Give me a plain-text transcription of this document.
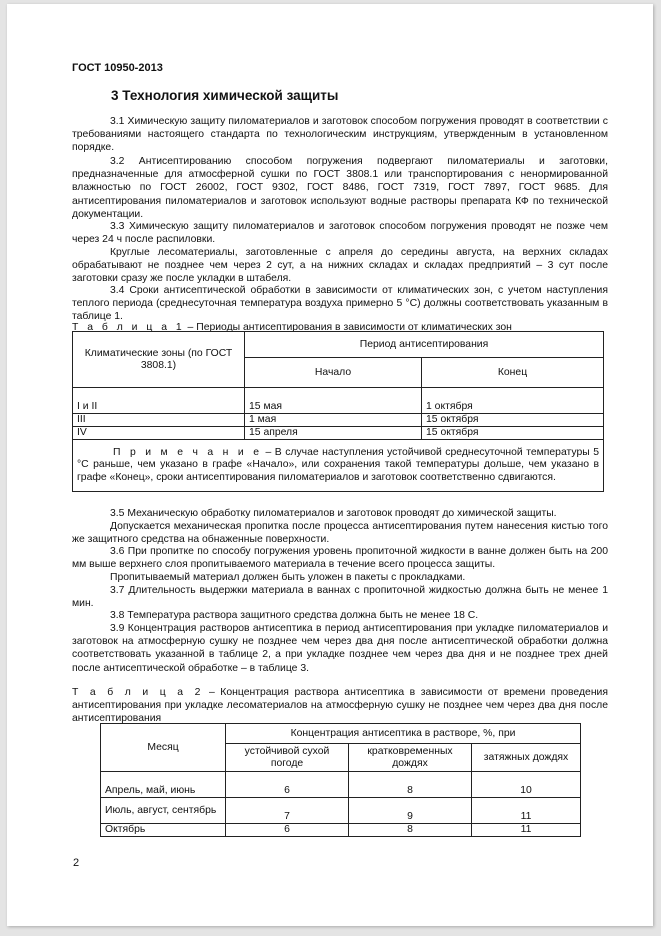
ГОСТ 10950-2013
3 Технология химической защиты
3.1 Химическую защиту пиломатериалов и заготовок способом погружения проводят в соответствии с требованиями настоящего стандарта по технологическим инструкциям, утвержденным в установленном порядке.
3.2 Антисептированию способом погружения подвергают пиломатериалы и заготовки, предназначенные для атмосферной сушки по ГОСТ 3808.1 или транспортирования с ненормированной влажностью по ГОСТ 26002, ГОСТ 9302, ГОСТ 8486, ГОСТ 7319, ГОСТ 7897, ГОСТ 9685. Для антисептирования пиломатериалов и заготовок используют водные растворы препарата КФ по технической документации.
3.3 Химическую защиту пиломатериалов и заготовок способом погружения проводят не позже чем через 24 ч после распиловки.
Круглые лесоматериалы, заготовленные с апреля до середины августа, на верхних складах обрабатывают не позднее чем через 2 сут, а на нижних складах и складах предприятий – 3 сут после заготовки сразу же после укладки в штабеля.
3.4 Сроки антисептической обработки в зависимости от климатических зон, с учетом наступления теплого периода (среднесуточная температура воздуха примерно 5 °C) должны соответствовать указанным в таблице 1.
Т а б л и ц а 1 – Периоды антисептирования в зависимости от климатических зон
Климатические зоны (по ГОСТ 3808.1)	Период антисептирования	
	Начало	Конец
I и II	15 мая	1 октября
III	1 мая	15 октября
IV	15 апреля	15 октября
П р и м е ч а н и е – В случае наступления устойчивой среднесуточной температуры 5 °C раньше, чем указано в графе «Начало», или сохранения такой температуры дольше, чем указано в графе «Конец», сроки антисептирования пиломатериалов и заготовок соответственно сдвигаются.		
3.5 Механическую обработку пиломатериалов и заготовок проводят до химической защиты.
Допускается механическая пропитка после процесса антисептирования путем нанесения кистью того же защитного средства на обнаженные поверхности.
3.6 При пропитке по способу погружения уровень пропиточной жидкости в ванне должен быть на 200 мм выше верхнего слоя пропитываемого материала в течение всего процесса защиты.
Пропитываемый материал должен быть уложен в пакеты с прокладками.
3.7 Длительность выдержки материала в ваннах с пропиточной жидкостью должна быть не менее 1 мин.
3.8 Температура раствора защитного средства должна быть не менее 18 С.
3.9 Концентрация растворов антисептика в период антисептирования при укладке пиломатериалов и заготовок на атмосферную сушку не позднее чем через два дня после антисептической обработки должна соответствовать указанной в таблице 2, а при укладке позднее чем через два дня и не позднее трех дней после антисептической обработке – в таблице 3.
Т а б л и ц а 2 – Концентрация раствора антисептика в зависимости от времени проведения антисептирования при укладке лесоматериалов на атмосферную сушку не позднее чем через два дня после антисептирования
Месяц	Концентрация антисептика в растворе, %, при		
	устойчивой сухой погоде	кратковременных дождях	затяжных дождях
Апрель, май, июнь	6	8	10
Июль, август, сентябрь	7	9	11
Октябрь	6	8	11
2
